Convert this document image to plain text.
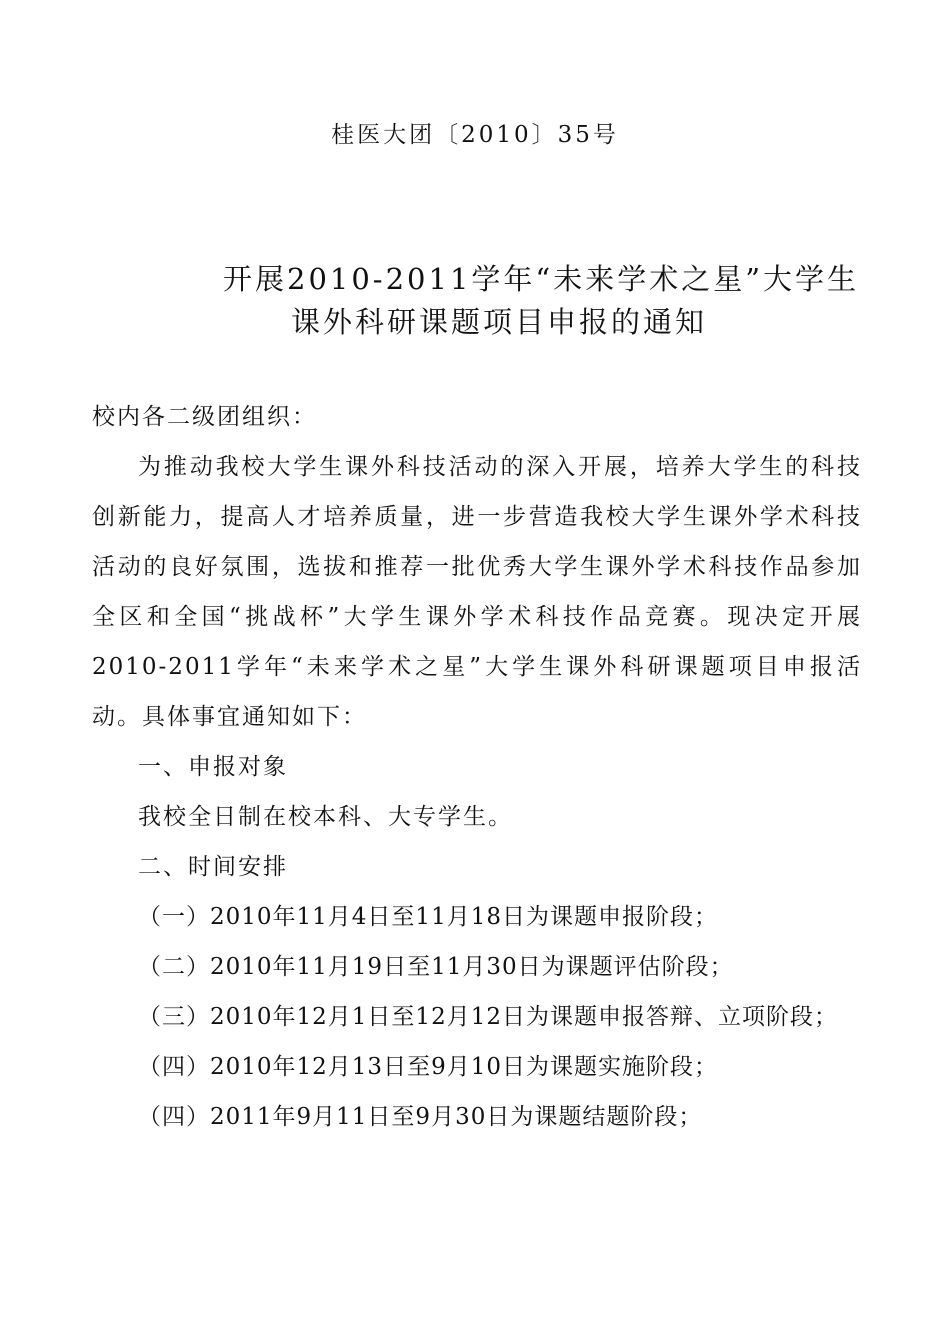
桂医大团〔2010〕35号
开展2010-2011学年“未来学术之星”大学生
课外科研课题项目申报的通知

校内各二级团组织：

为推动我校大学生课外科技活动的深入开展，培养大学生的科技创新能力，提高人才培养质量，进一步营造我校大学生课外学术科技活动的良好氛围，选拔和推荐一批优秀大学生课外学术科技作品参加全区和全国“挑战杯”大学生课外学术科技作品竞赛。现决定开展2010-2011学年“未来学术之星”大学生课外科研课题项目申报活动。具体事宜通知如下：

一、申报对象

我校全日制在校本科、大专学生。

二、时间安排

（一）2010年11月4日至11月18日为课题申报阶段；

（二）2010年11月19日至11月30日为课题评估阶段；

（三）2010年12月1日至12月12日为课题申报答辩、立项阶段；

（四）2010年12月13日至9月10日为课题实施阶段；

（四）2011年9月11日至9月30日为课题结题阶段；
